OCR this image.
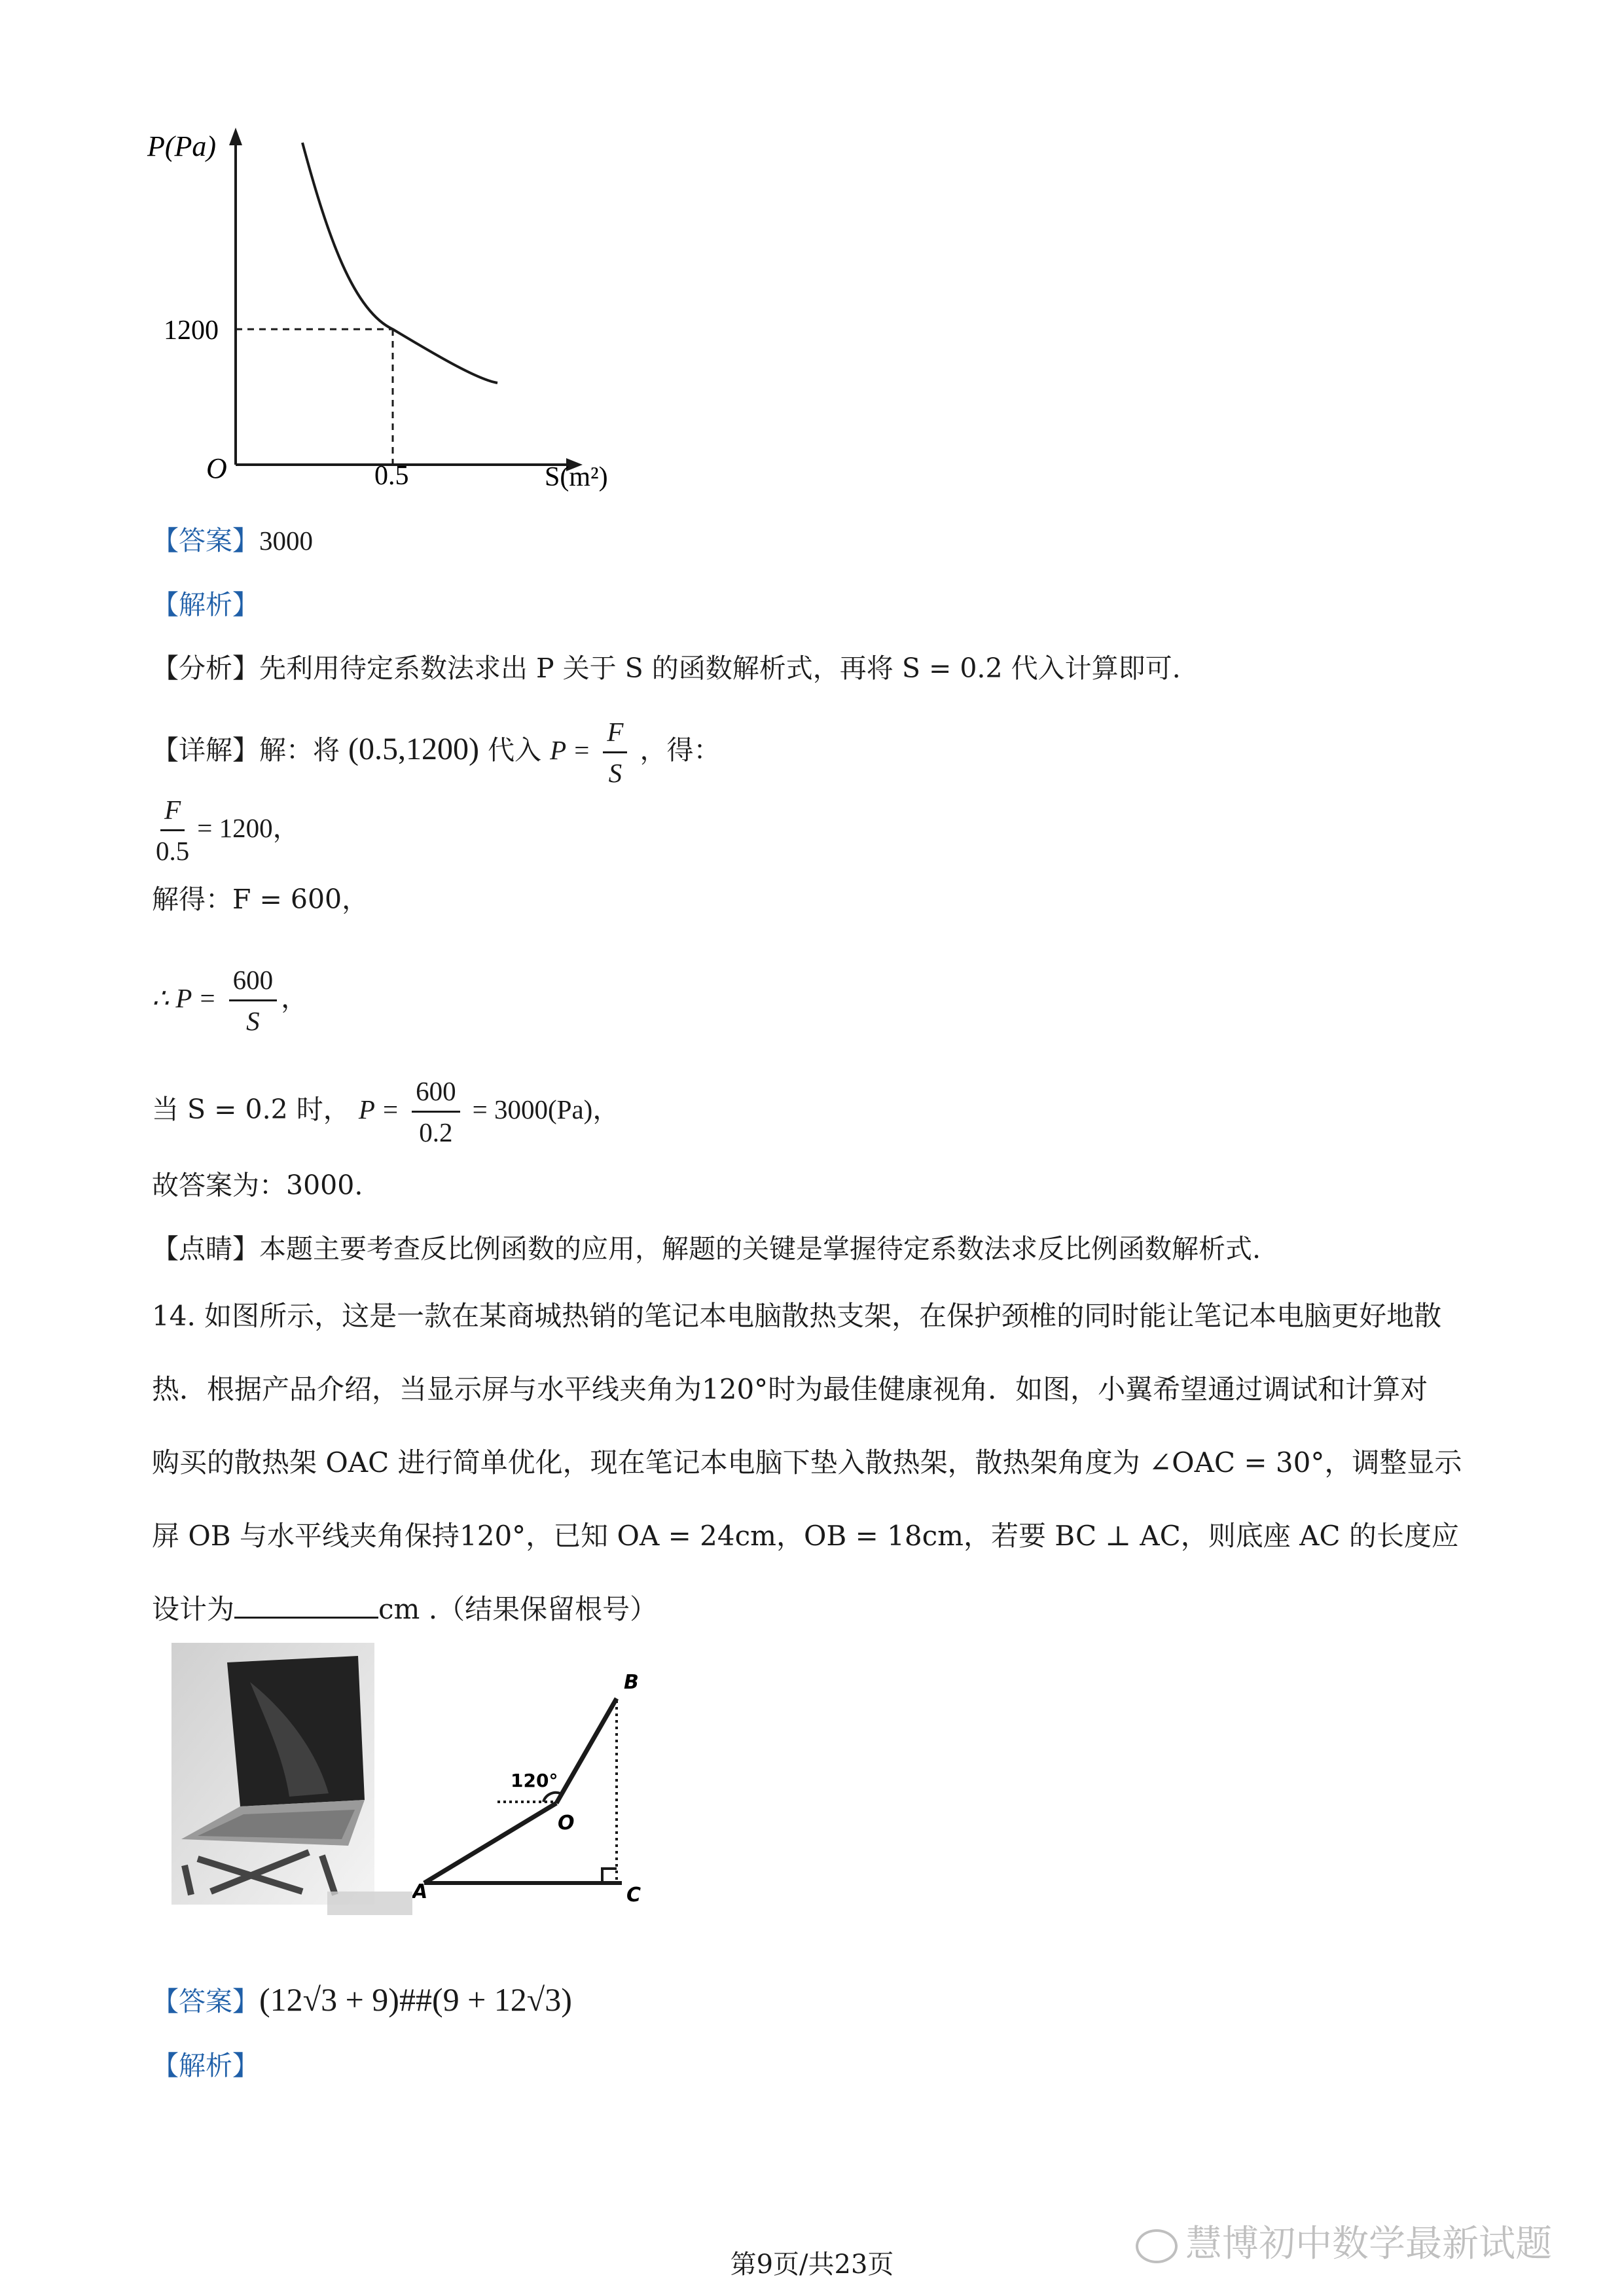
P(Pa)
1200
O	0.5	S(m²)
【答案】3000
【解析】
【分析】先利用待定系数法求出 P 关于 S 的函数解析式，再将 S = 0.2 代入计算即可.
【详解】解：将 (0.5,1200) 代入 $P = \frac{F}{S}$ ，得：
$\frac{F}{0.5} = 1200$，
解得：F = 600，
∴ $P = \frac{600}{S}$ ，
当 S = 0.2 时， $P = \frac{600}{0.2} = 3000(Pa)$，
故答案为：3000.
【点睛】本题主要考查反比例函数的应用，解题的关键是掌握待定系数法求反比例函数解析式.
14. 如图所示，这是一款在某商城热销的笔记本电脑散热支架，在保护颈椎的同时能让笔记本电脑更好地散
热．根据产品介绍，当显示屏与水平线夹角为120°时为最佳健康视角．如图，小翼希望通过调试和计算对
购买的散热架 OAC 进行简单优化，现在笔记本电脑下垫入散热架，散热架角度为 ∠OAC = 30°，调整显示
屏 OB 与水平线夹角保持120°，已知 OA = 24cm，OB = 18cm，若要 BC ⊥ AC，则底座 AC 的长度应
设计为	cm .（结果保留根号）
120°
A
B
C
O
【答案】(12√3 + 9)##(9 + 12√3)
【解析】
慧博初中数学最新试题
第9页/共23页
